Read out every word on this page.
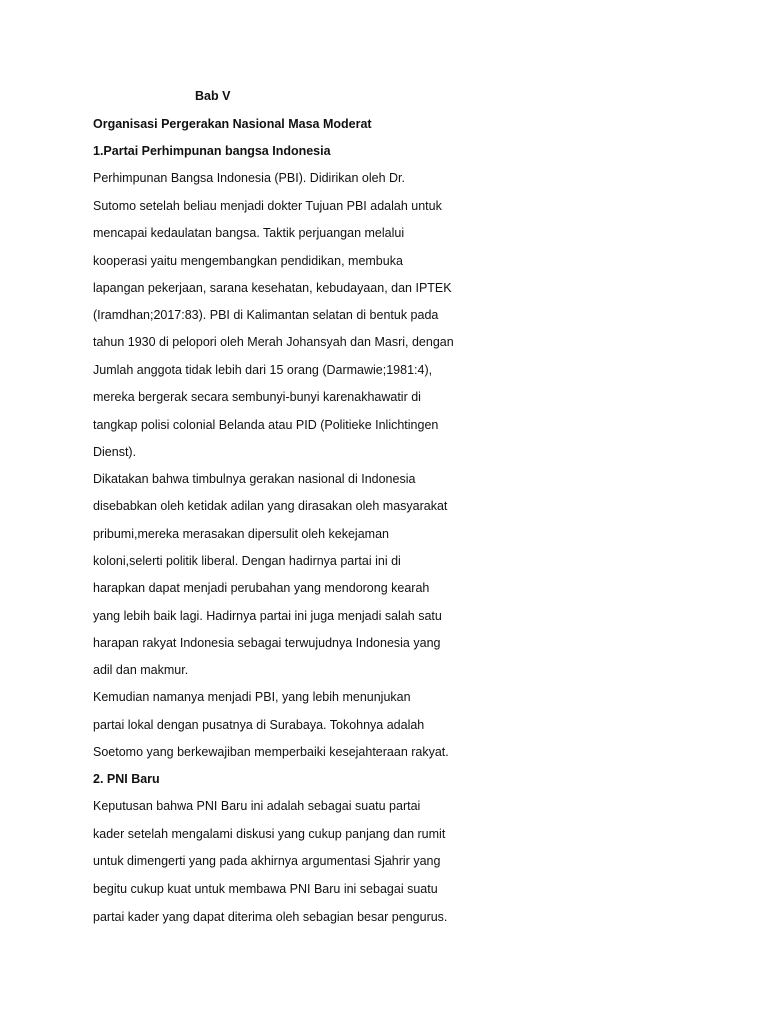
Bab V
Organisasi Pergerakan Nasional Masa Moderat
1.Partai Perhimpunan bangsa Indonesia
Perhimpunan Bangsa Indonesia (PBI). Didirikan oleh Dr.
Sutomo setelah beliau menjadi dokter Tujuan PBI adalah untuk
mencapai kedaulatan bangsa. Taktik perjuangan melalui
kooperasi yaitu mengembangkan pendidikan, membuka
lapangan pekerjaan, sarana kesehatan, kebudayaan, dan IPTEK
(Iramdhan;2017:83). PBI di Kalimantan selatan di bentuk pada
tahun 1930 di pelopori oleh Merah Johansyah dan Masri, dengan
Jumlah anggota tidak lebih dari 15 orang (Darmawie;1981:4),
mereka bergerak secara sembunyi-bunyi karenakhawatir di
tangkap polisi colonial Belanda atau PID (Politieke Inlichtingen
Dienst).
Dikatakan bahwa timbulnya gerakan nasional di Indonesia
disebabkan oleh ketidak adilan yang dirasakan oleh masyarakat
pribumi,mereka merasakan dipersulit oleh kekejaman
koloni,selerti politik liberal. Dengan hadirnya partai ini di
harapkan dapat menjadi perubahan yang mendorong kearah
yang lebih baik lagi. Hadirnya partai ini juga menjadi salah satu
harapan rakyat Indonesia sebagai terwujudnya Indonesia yang
adil dan makmur.
Kemudian namanya menjadi PBI, yang lebih menunjukan
partai lokal dengan pusatnya di Surabaya. Tokohnya adalah
Soetomo yang berkewajiban memperbaiki kesejahteraan rakyat.
2. PNI Baru
Keputusan bahwa PNI Baru ini adalah sebagai suatu partai
kader setelah mengalami diskusi yang cukup panjang dan rumit
untuk dimengerti yang pada akhirnya argumentasi Sjahrir yang
begitu cukup kuat untuk membawa PNI Baru ini sebagai suatu
partai kader yang dapat diterima oleh sebagian besar pengurus.
